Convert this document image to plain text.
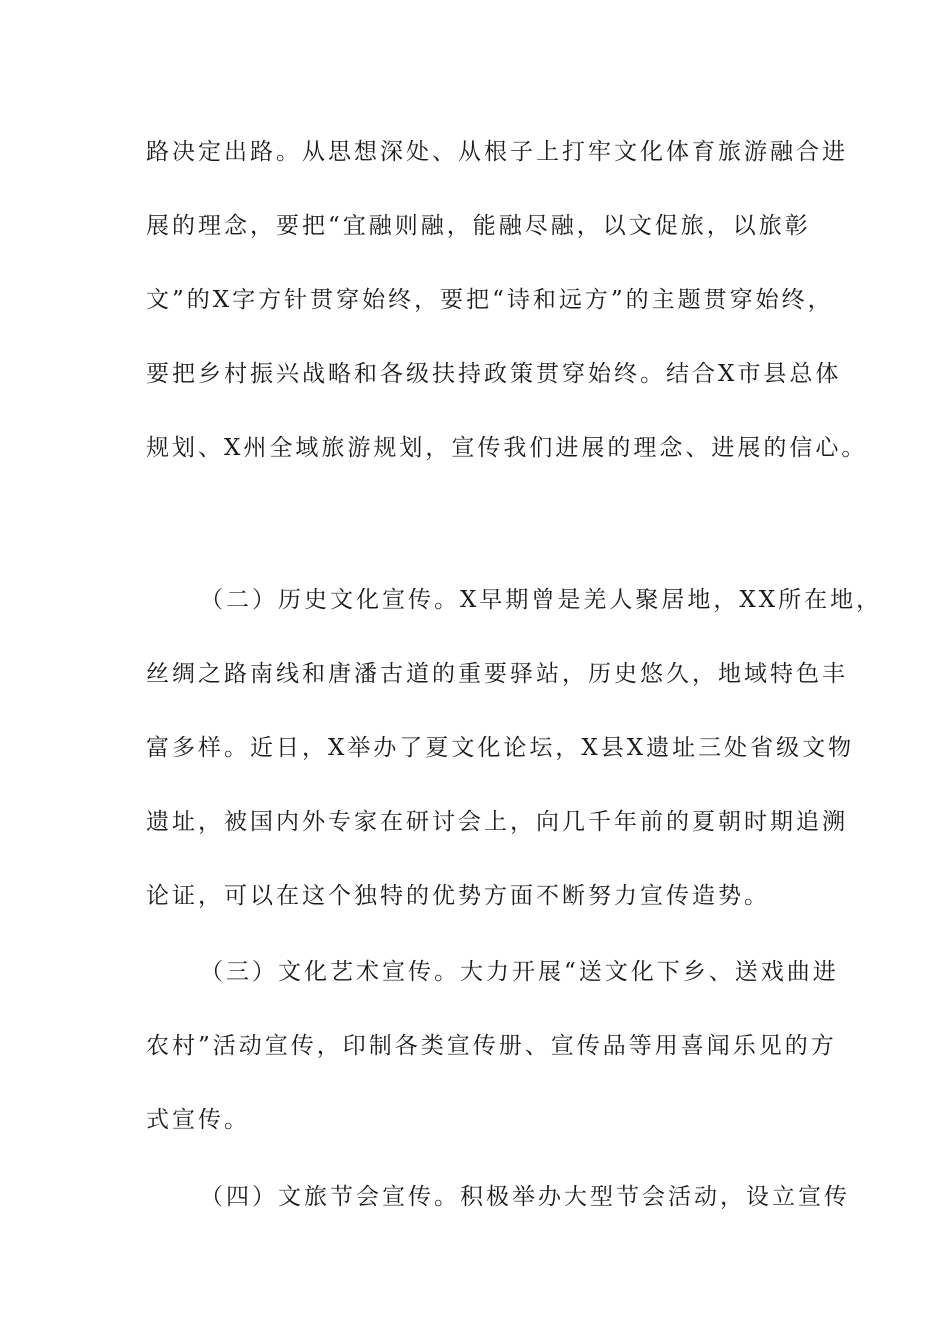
路决定出路。从思想深处、从根子上打牢文化体育旅游融合进
展的理念，要把“宜融则融，能融尽融，以文促旅，以旅彰
文”的X字方针贯穿始终，要把“诗和远方”的主题贯穿始终，
要把乡村振兴战略和各级扶持政策贯穿始终。结合X市县总体
规划、X州全域旅游规划，宣传我们进展的理念、进展的信心。
（二）历史文化宣传。X早期曾是羌人聚居地，XX所在地，
丝绸之路南线和唐潘古道的重要驿站，历史悠久，地域特色丰
富多样。近日，X举办了夏文化论坛，X县X遗址三处省级文物
遗址，被国内外专家在研讨会上，向几千年前的夏朝时期追溯
论证，可以在这个独特的优势方面不断努力宣传造势。
（三）文化艺术宣传。大力开展“送文化下乡、送戏曲进
农村”活动宣传，印制各类宣传册、宣传品等用喜闻乐见的方
式宣传。
（四）文旅节会宣传。积极举办大型节会活动，设立宣传
